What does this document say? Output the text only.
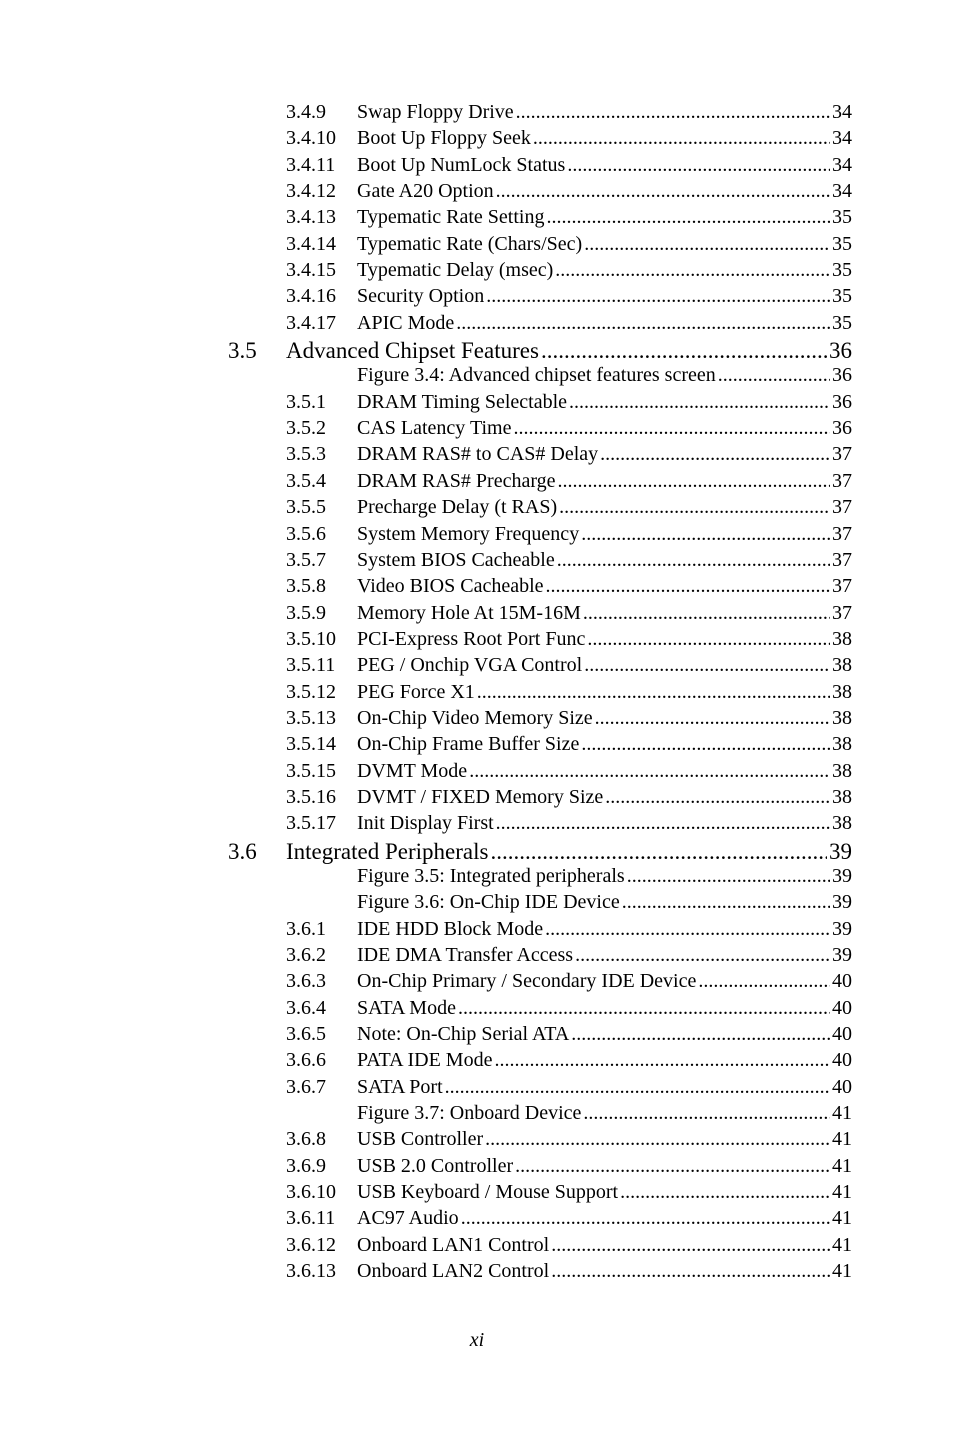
3.4.9	Swap Floppy Drive .....	34
3.4.10	Boot Up Floppy Seek .....	34
3.4.11	Boot Up NumLock Status .....	34
3.4.12	Gate A20 Option .....	34
3.4.13	Typematic Rate Setting .....	35
3.4.14	Typematic Rate (Chars/Sec) .....	35
3.4.15	Typematic Delay (msec) .....	35
3.4.16	Security Option .....	35
3.4.17	APIC Mode .....	35
3.5	Advanced Chipset Features .....	36
Figure 3.4: Advanced chipset features screen .....	36
3.5.1	DRAM Timing Selectable .....	36
3.5.2	CAS Latency Time .....	36
3.5.3	DRAM RAS# to CAS# Delay .....	37
3.5.4	DRAM RAS# Precharge .....	37
3.5.5	Precharge Delay (t RAS) .....	37
3.5.6	System Memory Frequency .....	37
3.5.7	System BIOS Cacheable .....	37
3.5.8	Video BIOS Cacheable .....	37
3.5.9	Memory Hole At 15M-16M .....	37
3.5.10	PCI-Express Root Port Func .....	38
3.5.11	PEG / Onchip VGA Control .....	38
3.5.12	PEG Force X1 .....	38
3.5.13	On-Chip Video Memory Size .....	38
3.5.14	On-Chip Frame Buffer Size .....	38
3.5.15	DVMT Mode .....	38
3.5.16	DVMT / FIXED Memory Size .....	38
3.5.17	Init Display First .....	38
3.6	Integrated Peripherals .....	39
Figure 3.5: Integrated peripherals .....	39
Figure 3.6: On-Chip IDE Device .....	39
3.6.1	IDE HDD Block Mode .....	39
3.6.2	IDE DMA Transfer Access .....	39
3.6.3	On-Chip Primary / Secondary IDE Device .....	40
3.6.4	SATA Mode .....	40
3.6.5	Note: On-Chip Serial ATA .....	40
3.6.6	PATA IDE Mode .....	40
3.6.7	SATA Port .....	40
Figure 3.7: Onboard Device .....	41
3.6.8	USB Controller .....	41
3.6.9	USB 2.0 Controller .....	41
3.6.10	USB Keyboard / Mouse Support .....	41
3.6.11	AC97 Audio .....	41
3.6.12	Onboard LAN1 Control .....	41
3.6.13	Onboard LAN2 Control .....	41
xi
